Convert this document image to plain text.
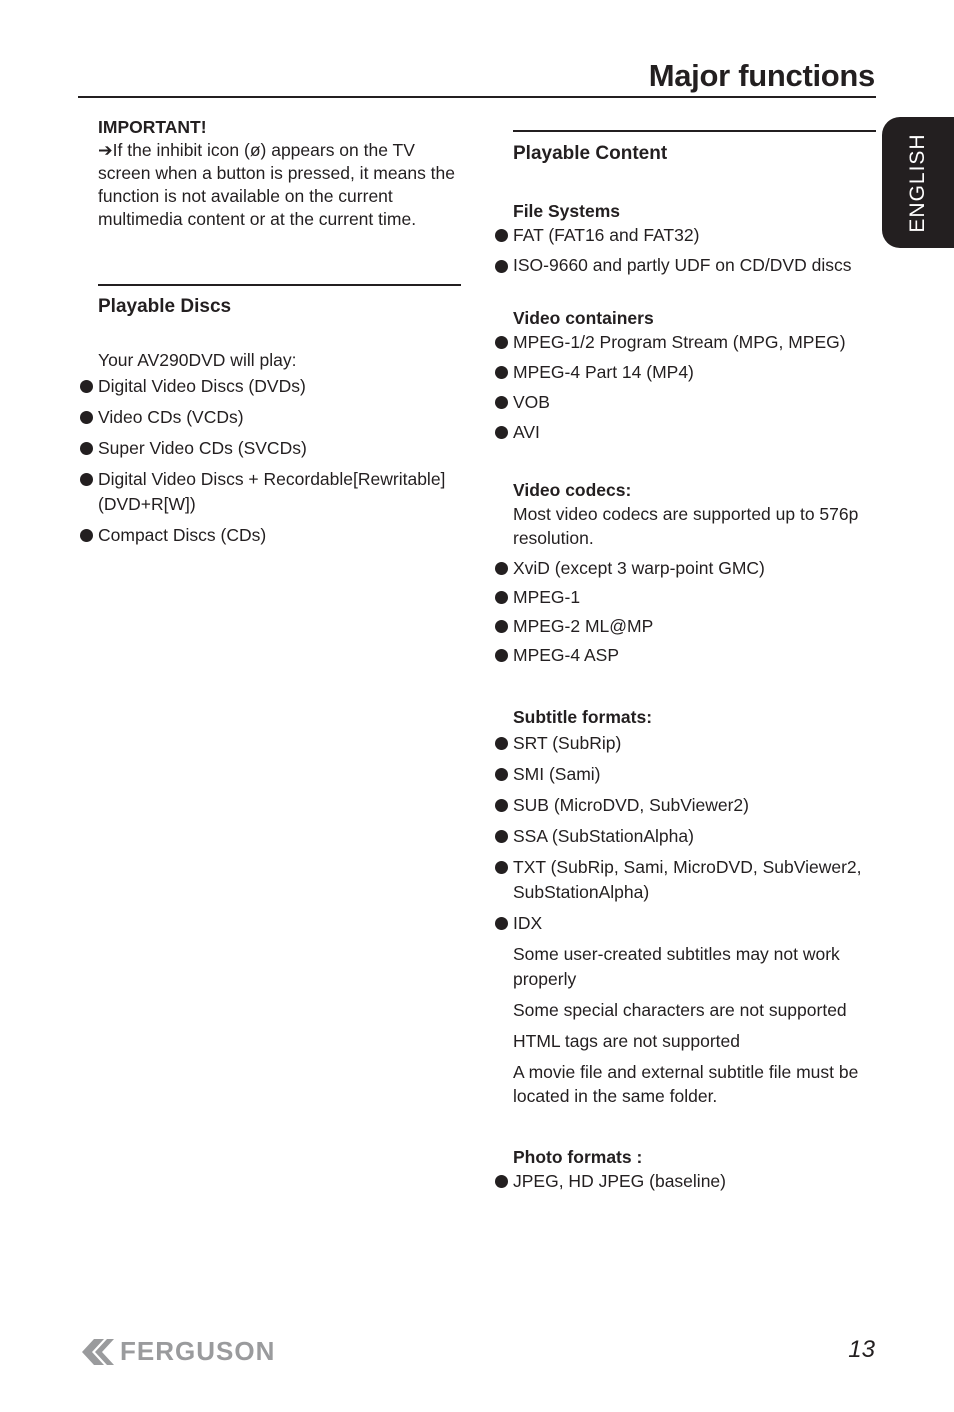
Major functions
ENGLISH
IMPORTANT!
➔If the inhibit icon (ø) appears on the TV screen when a button is pressed, it means the function is not available on the current multimedia content or at the current time.
Playable Discs
Your AV290DVD will play:
Digital Video Discs (DVDs)
Video CDs (VCDs)
Super Video CDs (SVCDs)
Digital Video Discs + Recordable[Rewritable] (DVD+R[W])
Compact Discs (CDs)
Playable Content
File Systems
FAT (FAT16 and FAT32)
ISO-9660 and partly UDF on CD/DVD discs
Video containers
MPEG-1/2 Program Stream (MPG, MPEG)
MPEG-4 Part 14 (MP4)
VOB
AVI
Video codecs:
Most video codecs are supported up to 576p resolution.
XviD (except 3 warp-point GMC)
MPEG-1
MPEG-2 ML@MP
MPEG-4 ASP
Subtitle formats:
SRT (SubRip)
SMI (Sami)
SUB (MicroDVD, SubViewer2)
SSA (SubStationAlpha)
TXT (SubRip, Sami, MicroDVD, SubViewer2, SubStationAlpha)
IDX
Some user-created subtitles may not work properly
Some special characters are not supported
HTML tags are not supported
A movie file and external subtitle file must be located in the same folder.
Photo formats :
JPEG, HD JPEG (baseline)
FERGUSON	13
